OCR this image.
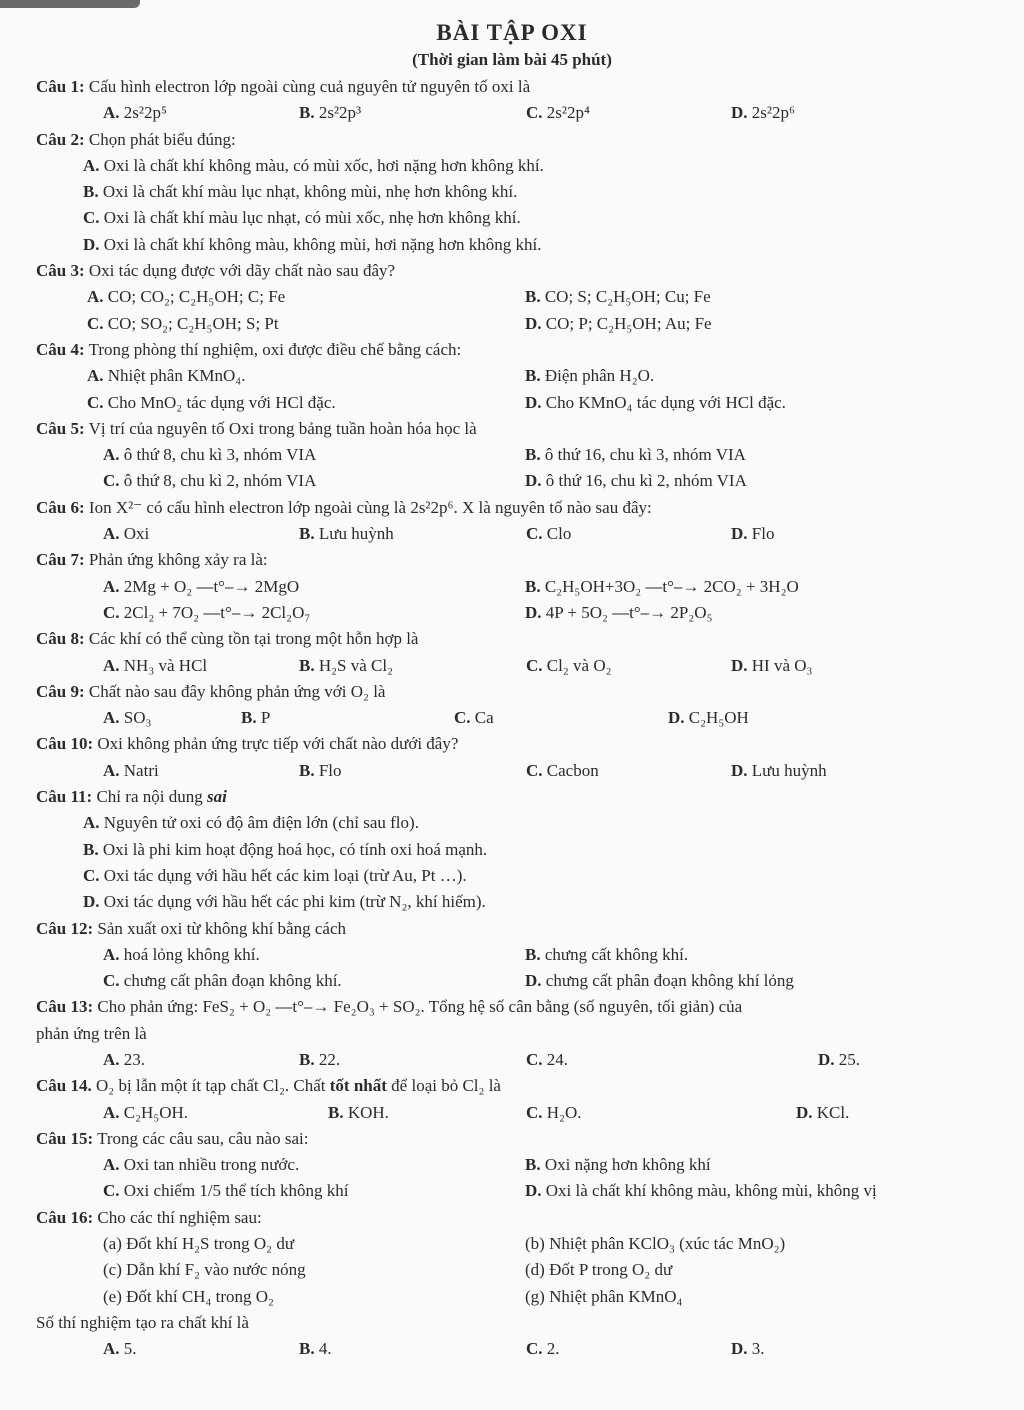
BÀI TẬP OXI
(Thời gian làm bài 45 phút)
Câu 1: Cấu hình electron lớp ngoài cùng cuả nguyên tử nguyên tố oxi là
A. 2s²2p⁵	B. 2s²2p³	C. 2s²2p⁴	D. 2s²2p⁶
Câu 2: Chọn phát biểu đúng:
A. Oxi là chất khí không màu, có mùi xốc, hơi nặng hơn không khí.
B. Oxi là chất khí màu lục nhạt, không mùi, nhẹ hơn không khí.
C. Oxi là chất khí màu lục nhạt, có mùi xốc, nhẹ hơn không khí.
D. Oxi là chất khí không màu, không mùi, hơi nặng hơn không khí.
Câu 3: Oxi tác dụng được với dãy chất nào sau đây?
A. CO; CO₂; C₂H₅OH; C; Fe	B. CO; S; C₂H₅OH; Cu; Fe
C. CO; SO₂; C₂H₅OH; S; Pt	D. CO; P; C₂H₅OH; Au; Fe
Câu 4: Trong phòng thí nghiệm, oxi được điều chế bằng cách:
A. Nhiệt phân KMnO₄.	B. Điện phân H₂O.
C. Cho MnO₂ tác dụng với HCl đặc.	D. Cho KMnO₄ tác dụng với HCl đặc.
Câu 5: Vị trí của nguyên tố Oxi trong bảng tuần hoàn hóa học là
A. ô thứ 8, chu kì 3, nhóm VIA	B. ô thứ 16, chu kì 3, nhóm VIA
C. ô thứ 8, chu kì 2, nhóm VIA	D. ô thứ 16, chu kì 2, nhóm VIA
Câu 6: Ion X²⁻ có cấu hình electron lớp ngoài cùng là 2s²2p⁶. X là nguyên tố nào sau đây:
A. Oxi	B. Lưu huỳnh	C. Clo	D. Flo
Câu 7: Phản ứng không xảy ra là:
A. 2Mg + O₂ ⎯⎯t°⎯→ 2MgO	B. C₂H₅OH+3O₂ ⎯⎯t°⎯→ 2CO₂ + 3H₂O
C. 2Cl₂ + 7O₂ ⎯⎯t°⎯→ 2Cl₂O₇	D. 4P + 5O₂ ⎯⎯t°⎯→ 2P₂O₅
Câu 8: Các khí có thể cùng tồn tại trong một hỗn hợp là
A. NH₃ và HCl	B. H₂S và Cl₂	C. Cl₂ và O₂	D. HI và O₃
Câu 9: Chất nào sau đây không phản ứng với O₂ là
A. SO₃	B. P	C. Ca	D. C₂H₅OH
Câu 10: Oxi không phản ứng trực tiếp với chất nào dưới đây?
A. Natri	B. Flo	C. Cacbon	D. Lưu huỳnh
Câu 11: Chỉ ra nội dung sai
A. Nguyên tử oxi có độ âm điện lớn (chỉ sau flo).
B. Oxi là phi kim hoạt động hoá học, có tính oxi hoá mạnh.
C. Oxi tác dụng với hầu hết các kim loại (trừ Au, Pt …).
D. Oxi tác dụng với hầu hết các phi kim (trừ N₂, khí hiếm).
Câu 12: Sản xuất oxi từ không khí bằng cách
A. hoá lỏng không khí.	B. chưng cất không khí.
C. chưng cất phân đoạn không khí.	D. chưng cất phân đoạn không khí lỏng
Câu 13: Cho phản ứng: FeS₂ + O₂ ⎯⎯t°⎯→ Fe₂O₃ + SO₂. Tổng hệ số cân bằng (số nguyên, tối giản) của
phản ứng trên là
A. 23.	B. 22.	C. 24.	D. 25.
Câu 14. O₂ bị lẫn một ít tạp chất Cl₂. Chất tốt nhất để loại bỏ Cl₂ là
A. C₂H₅OH.	B. KOH.	C. H₂O.	D. KCl.
Câu 15: Trong các câu sau, câu nào sai:
A. Oxi tan nhiều trong nước.	B. Oxi nặng hơn không khí
C. Oxi chiếm 1/5 thể tích không khí	D. Oxi là chất khí không màu, không mùi, không vị
Câu 16: Cho các thí nghiệm sau:
(a) Đốt khí H₂S trong O₂ dư	(b) Nhiệt phân KClO₃ (xúc tác MnO₂)
(c) Dẫn khí F₂ vào nước nóng	(d) Đốt P trong O₂ dư
(e) Đốt khí CH₄ trong O₂	(g) Nhiệt phân KMnO₄
Số thí nghiệm tạo ra chất khí là
A. 5.	B. 4.	C. 2.	D. 3.
